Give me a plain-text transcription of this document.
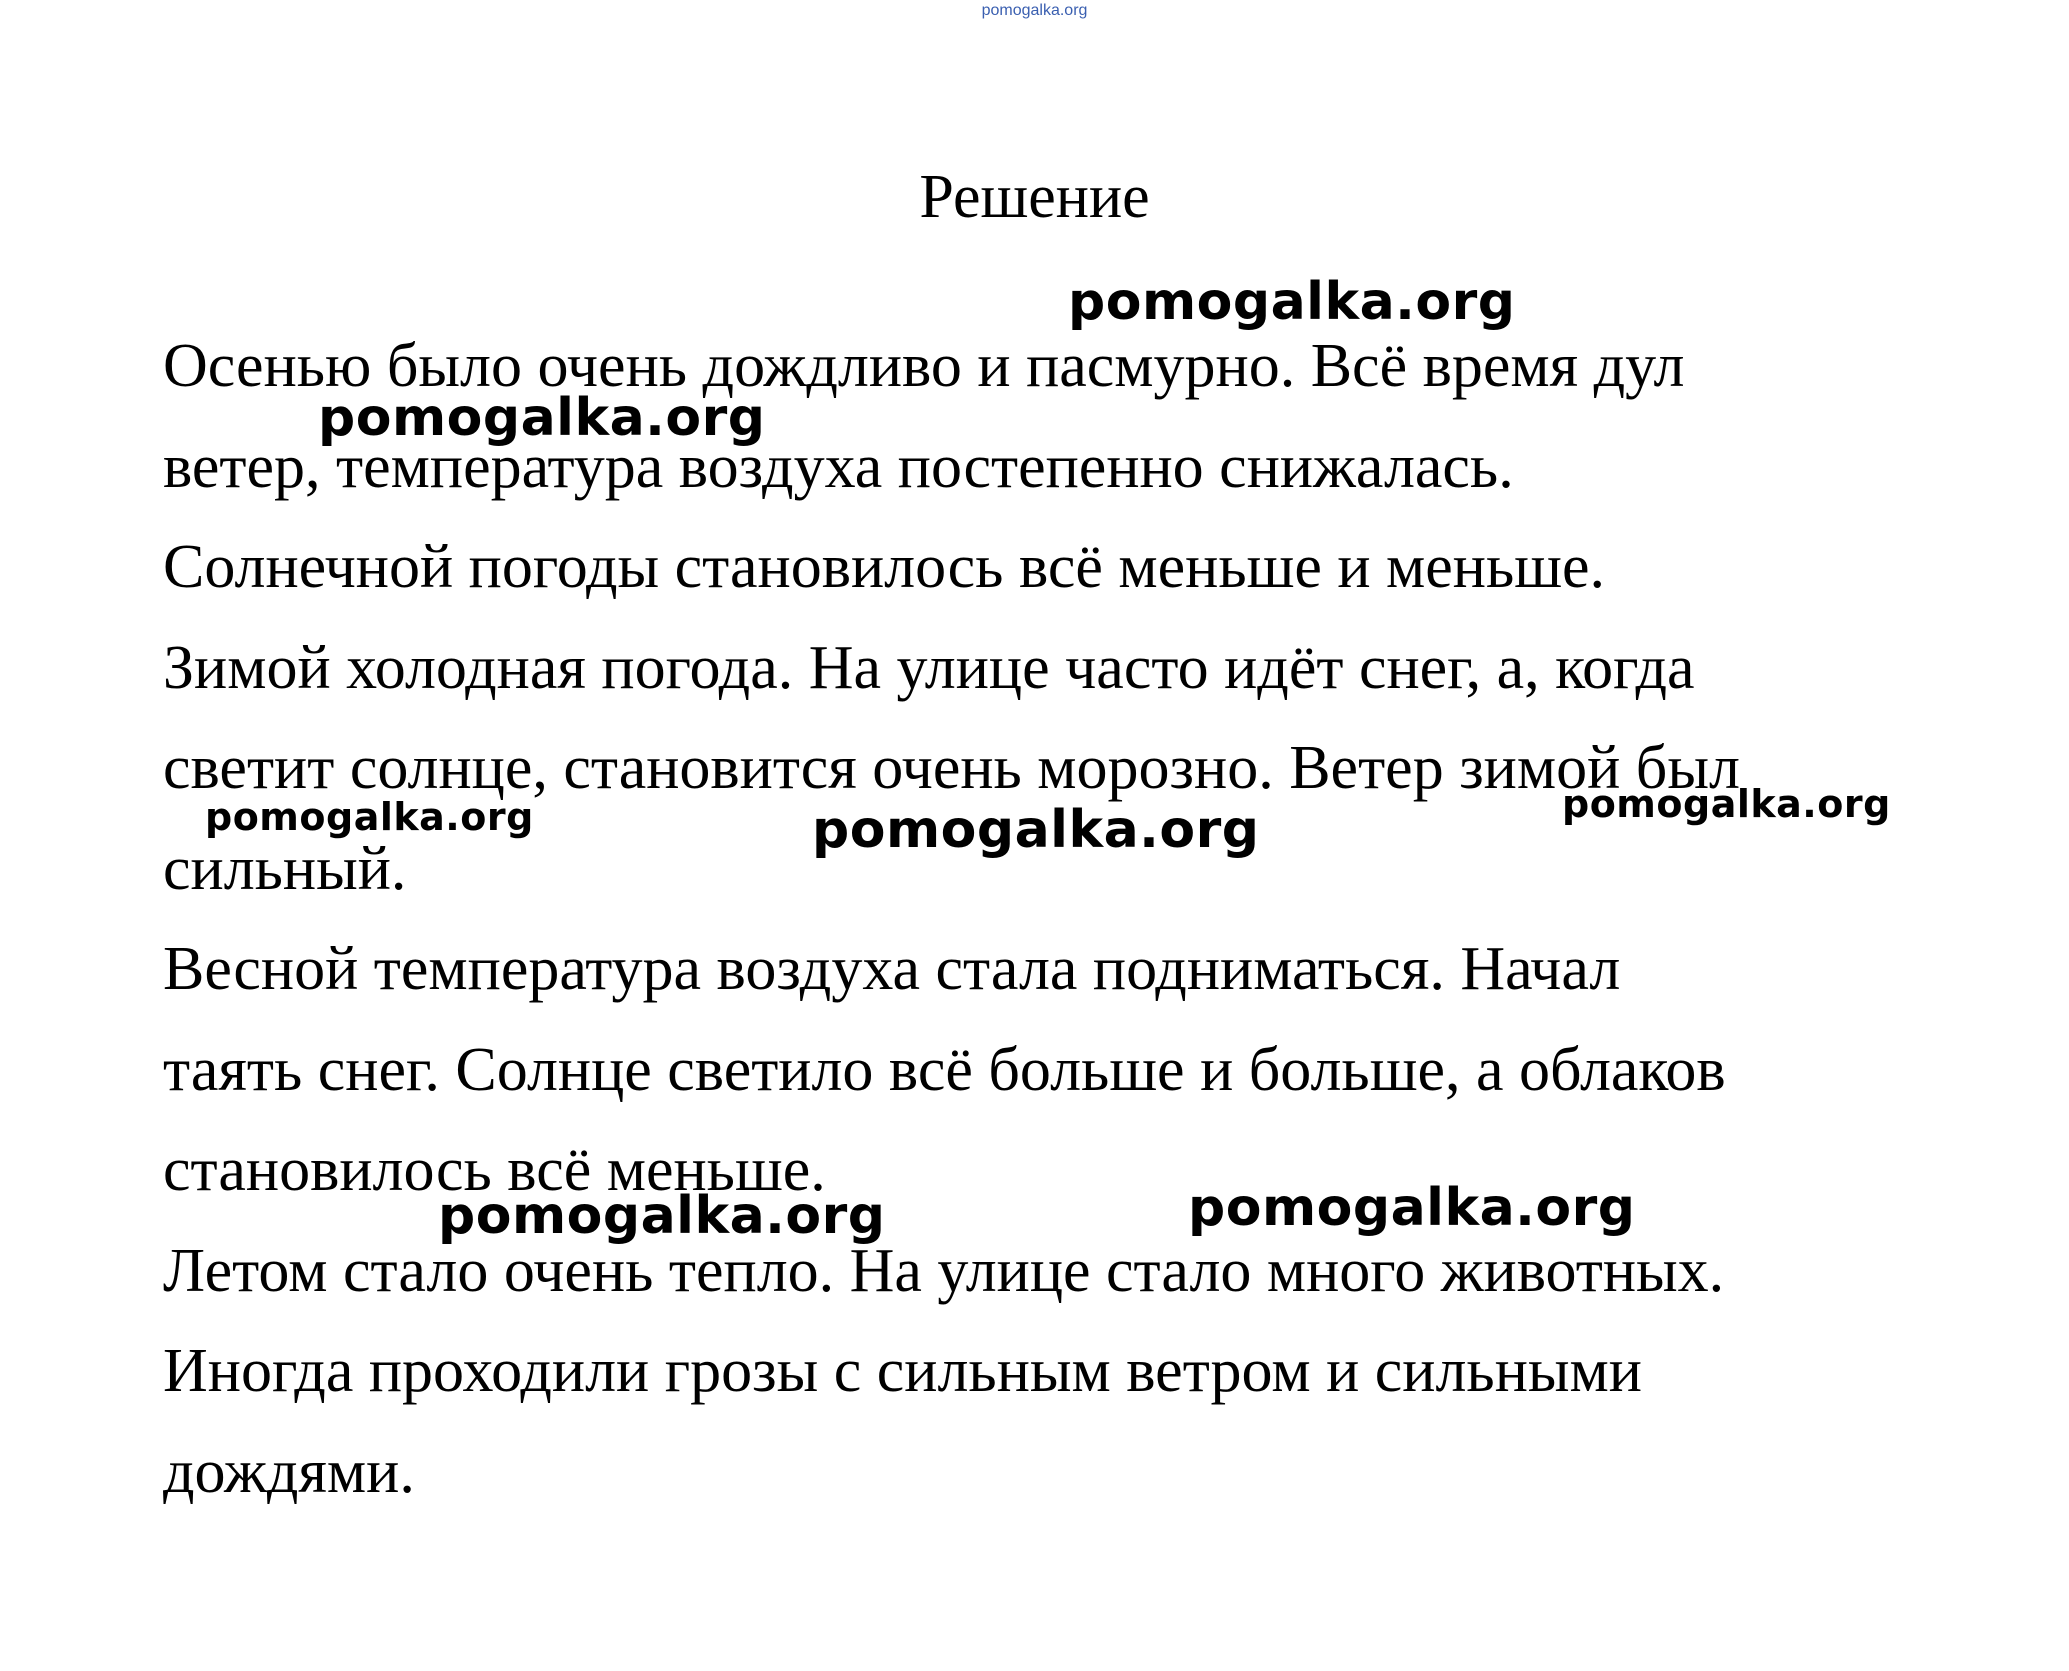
pomogalka.org
Решение
Осенью было очень дождливо и пасмурно. Всё время дул
ветер, температура воздуха постепенно снижалась.
Солнечной погоды становилось всё меньше и меньше.
Зимой холодная погода. На улице часто идёт снег, а, когда
светит солнце, становится очень морозно. Ветер зимой был
сильный.
Весной температура воздуха стала подниматься. Начал
таять снег. Солнце светило всё больше и больше, а облаков
становилось всё меньше.
Летом стало очень тепло. На улице стало много животных.
Иногда проходили грозы с сильным ветром и сильными
дождями.
pomogalka.org
pomogalka.org
pomogalka.org	pomogalka.org	pomogalka.org
pomogalka.org	pomogalka.org
